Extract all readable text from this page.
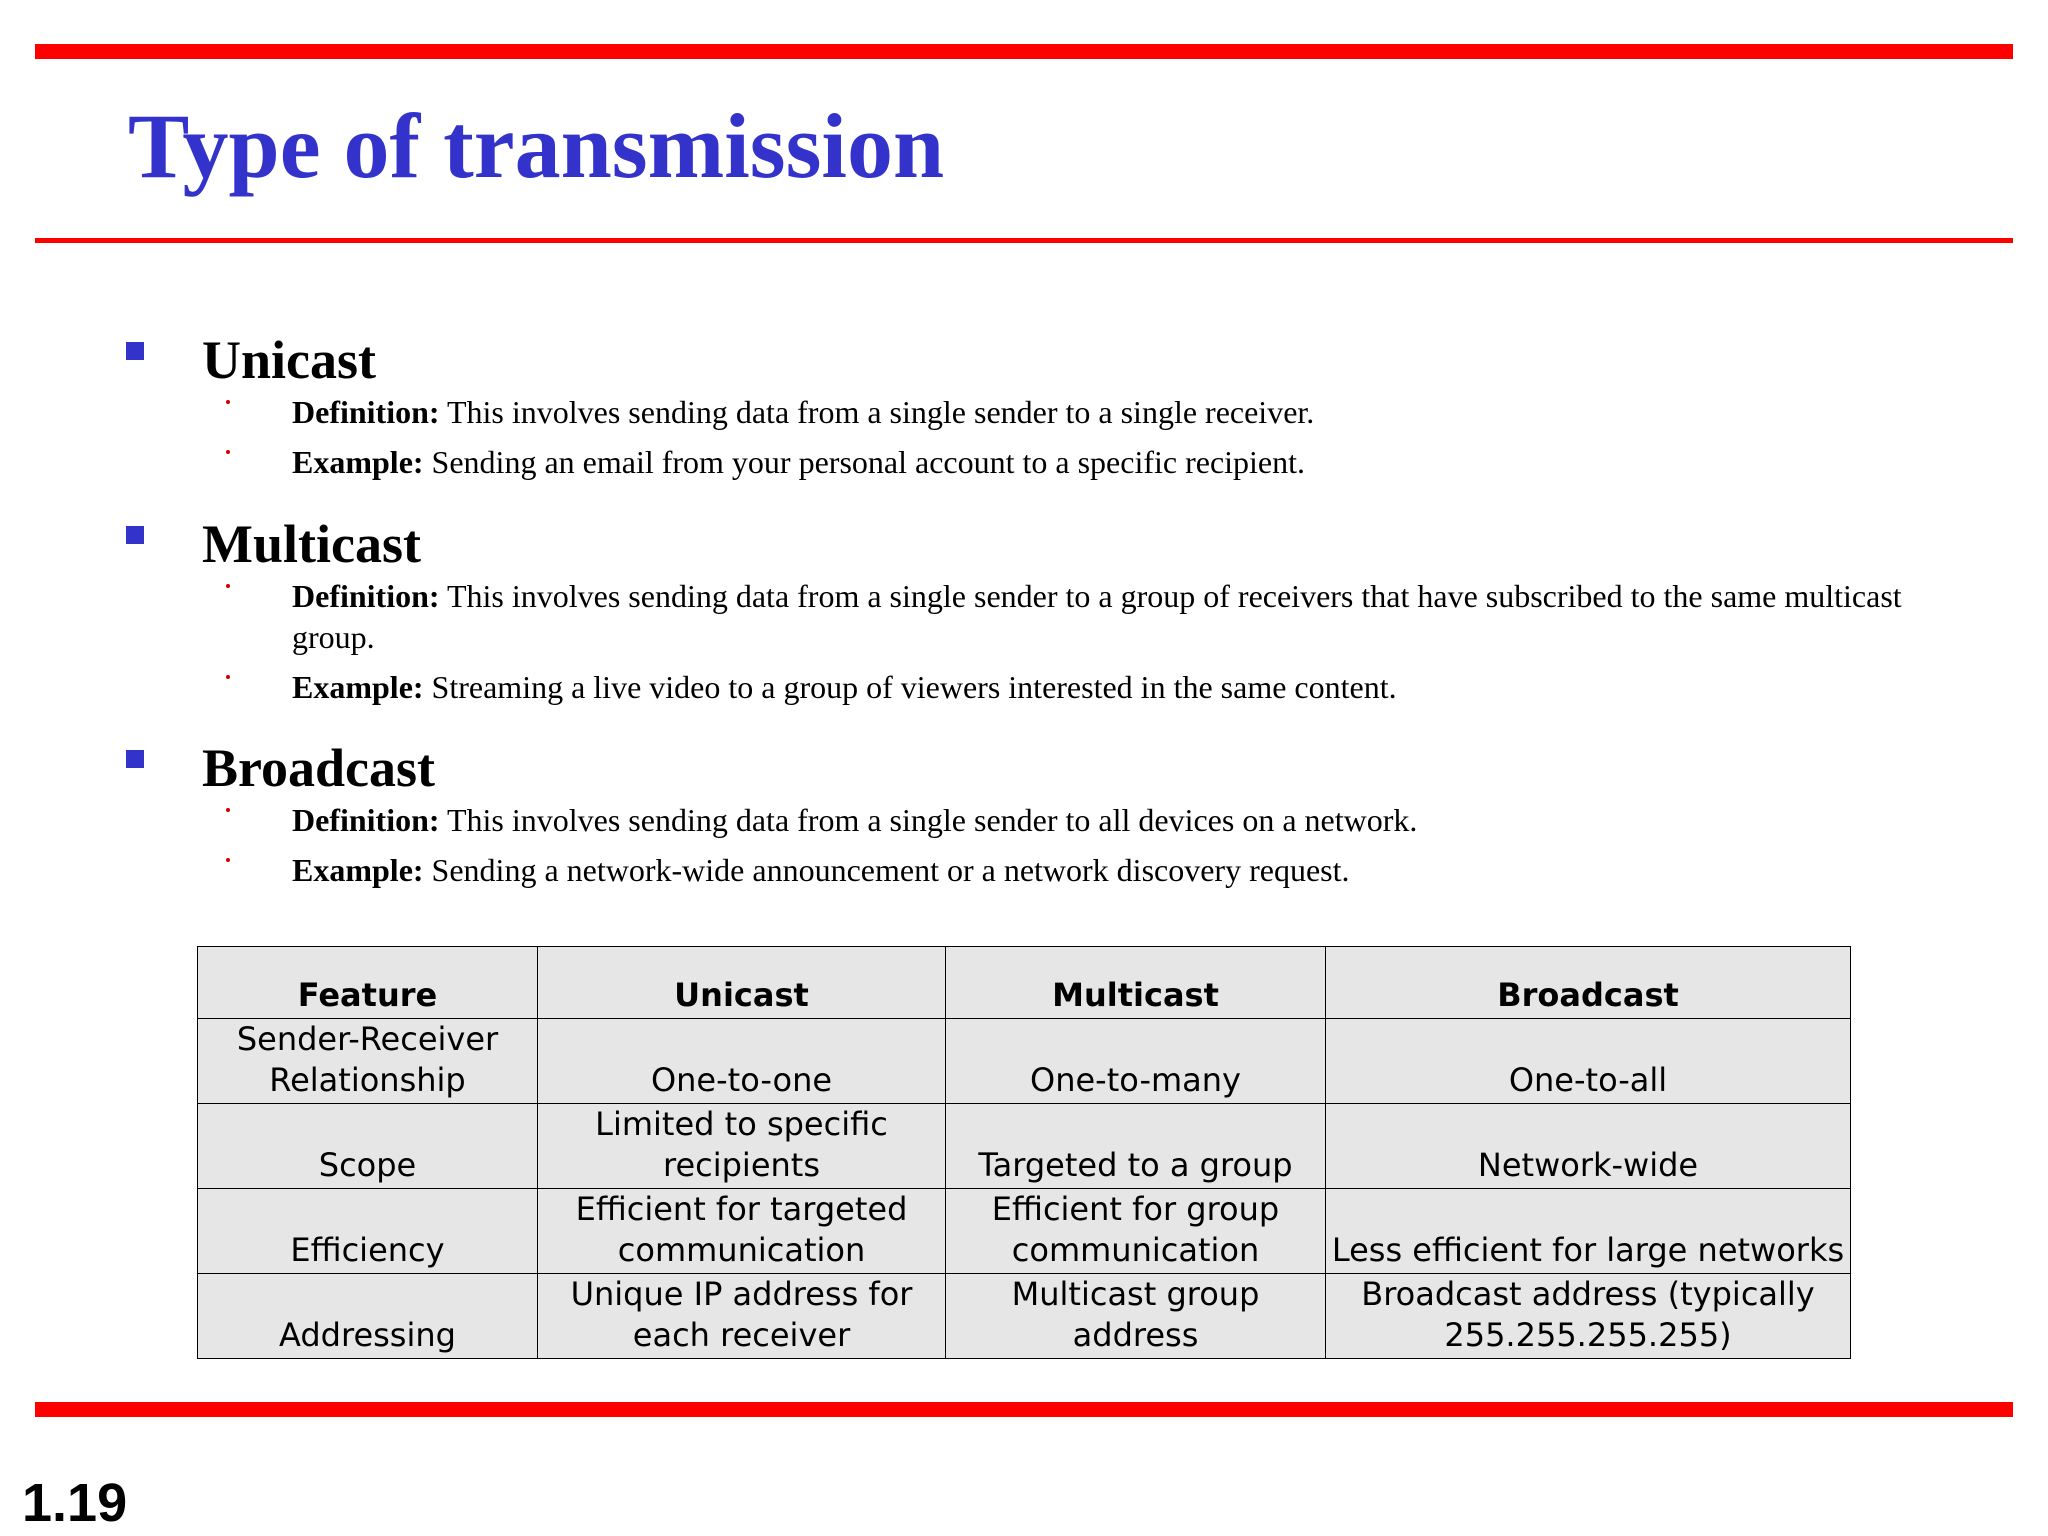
Type of transmission
Unicast
Definition: This involves sending data from a single sender to a single receiver.
Example: Sending an email from your personal account to a specific recipient.
Multicast
Definition: This involves sending data from a single sender to a group of receivers that have subscribed to the same multicast group.
Example: Streaming a live video to a group of viewers interested in the same content.
Broadcast
Definition: This involves sending data from a single sender to all devices on a network.
Example: Sending a network-wide announcement or a network discovery request.
Feature	Unicast	Multicast	Broadcast
Sender-Receiver Relationship	One-to-one	One-to-many	One-to-all
Scope	Limited to specific recipients	Targeted to a group	Network-wide
Efficiency	Efficient for targeted communication	Efficient for group communication	Less efficient for large networks
Addressing	Unique IP address for each receiver	Multicast group address	Broadcast address (typically 255.255.255.255)
1.19
